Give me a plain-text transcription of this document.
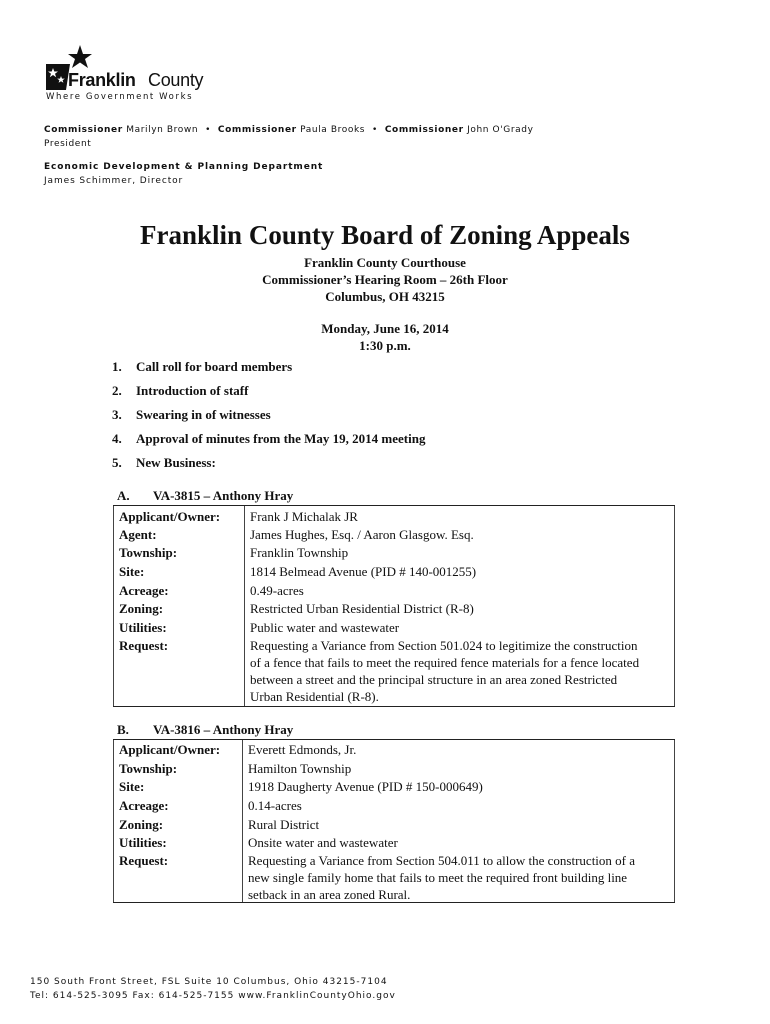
Franklin County
Where Government Works
Commissioner Marilyn Brown • Commissioner Paula Brooks • Commissioner John O'Grady
President
Economic Development & Planning Department
James Schimmer, Director
Franklin County Board of Zoning Appeals
Franklin County Courthouse
Commissioner’s Hearing Room – 26th Floor
Columbus, OH 43215
Monday, June 16, 2014
1:30 p.m.
1. Call roll for board members
2. Introduction of staff
3. Swearing in of witnesses
4. Approval of minutes from the May 19, 2014 meeting
5. New Business:
A. VA-3815 – Anthony Hray
Applicant/Owner: Frank J Michalak JR
Agent:	James Hughes, Esq. / Aaron Glasgow. Esq.
Township:	Franklin Township
Site:	1814 Belmead Avenue (PID # 140-001255)
Acreage:	0.49-acres
Zoning:	Restricted Urban Residential District (R-8)
Utilities:	Public water and wastewater
Request:	Requesting a Variance from Section 501.024 to legitimize the construction
of a fence that fails to meet the required fence materials for a fence located
between a street and the principal structure in an area zoned Restricted
Urban Residential (R-8).
B. VA-3816 – Anthony Hray
Applicant/Owner: Everett Edmonds, Jr.
Township:	Hamilton Township
Site:	1918 Daugherty Avenue (PID # 150-000649)
Acreage:	0.14-acres
Zoning:	Rural District
Utilities:	Onsite water and wastewater
Request:	Requesting a Variance from Section 504.011 to allow the construction of a
new single family home that fails to meet the required front building line
setback in an area zoned Rural.
150 South Front Street, FSL Suite 10 Columbus, Ohio 43215-7104
Tel: 614-525-3095 Fax: 614-525-7155 www.FranklinCountyOhio.gov
